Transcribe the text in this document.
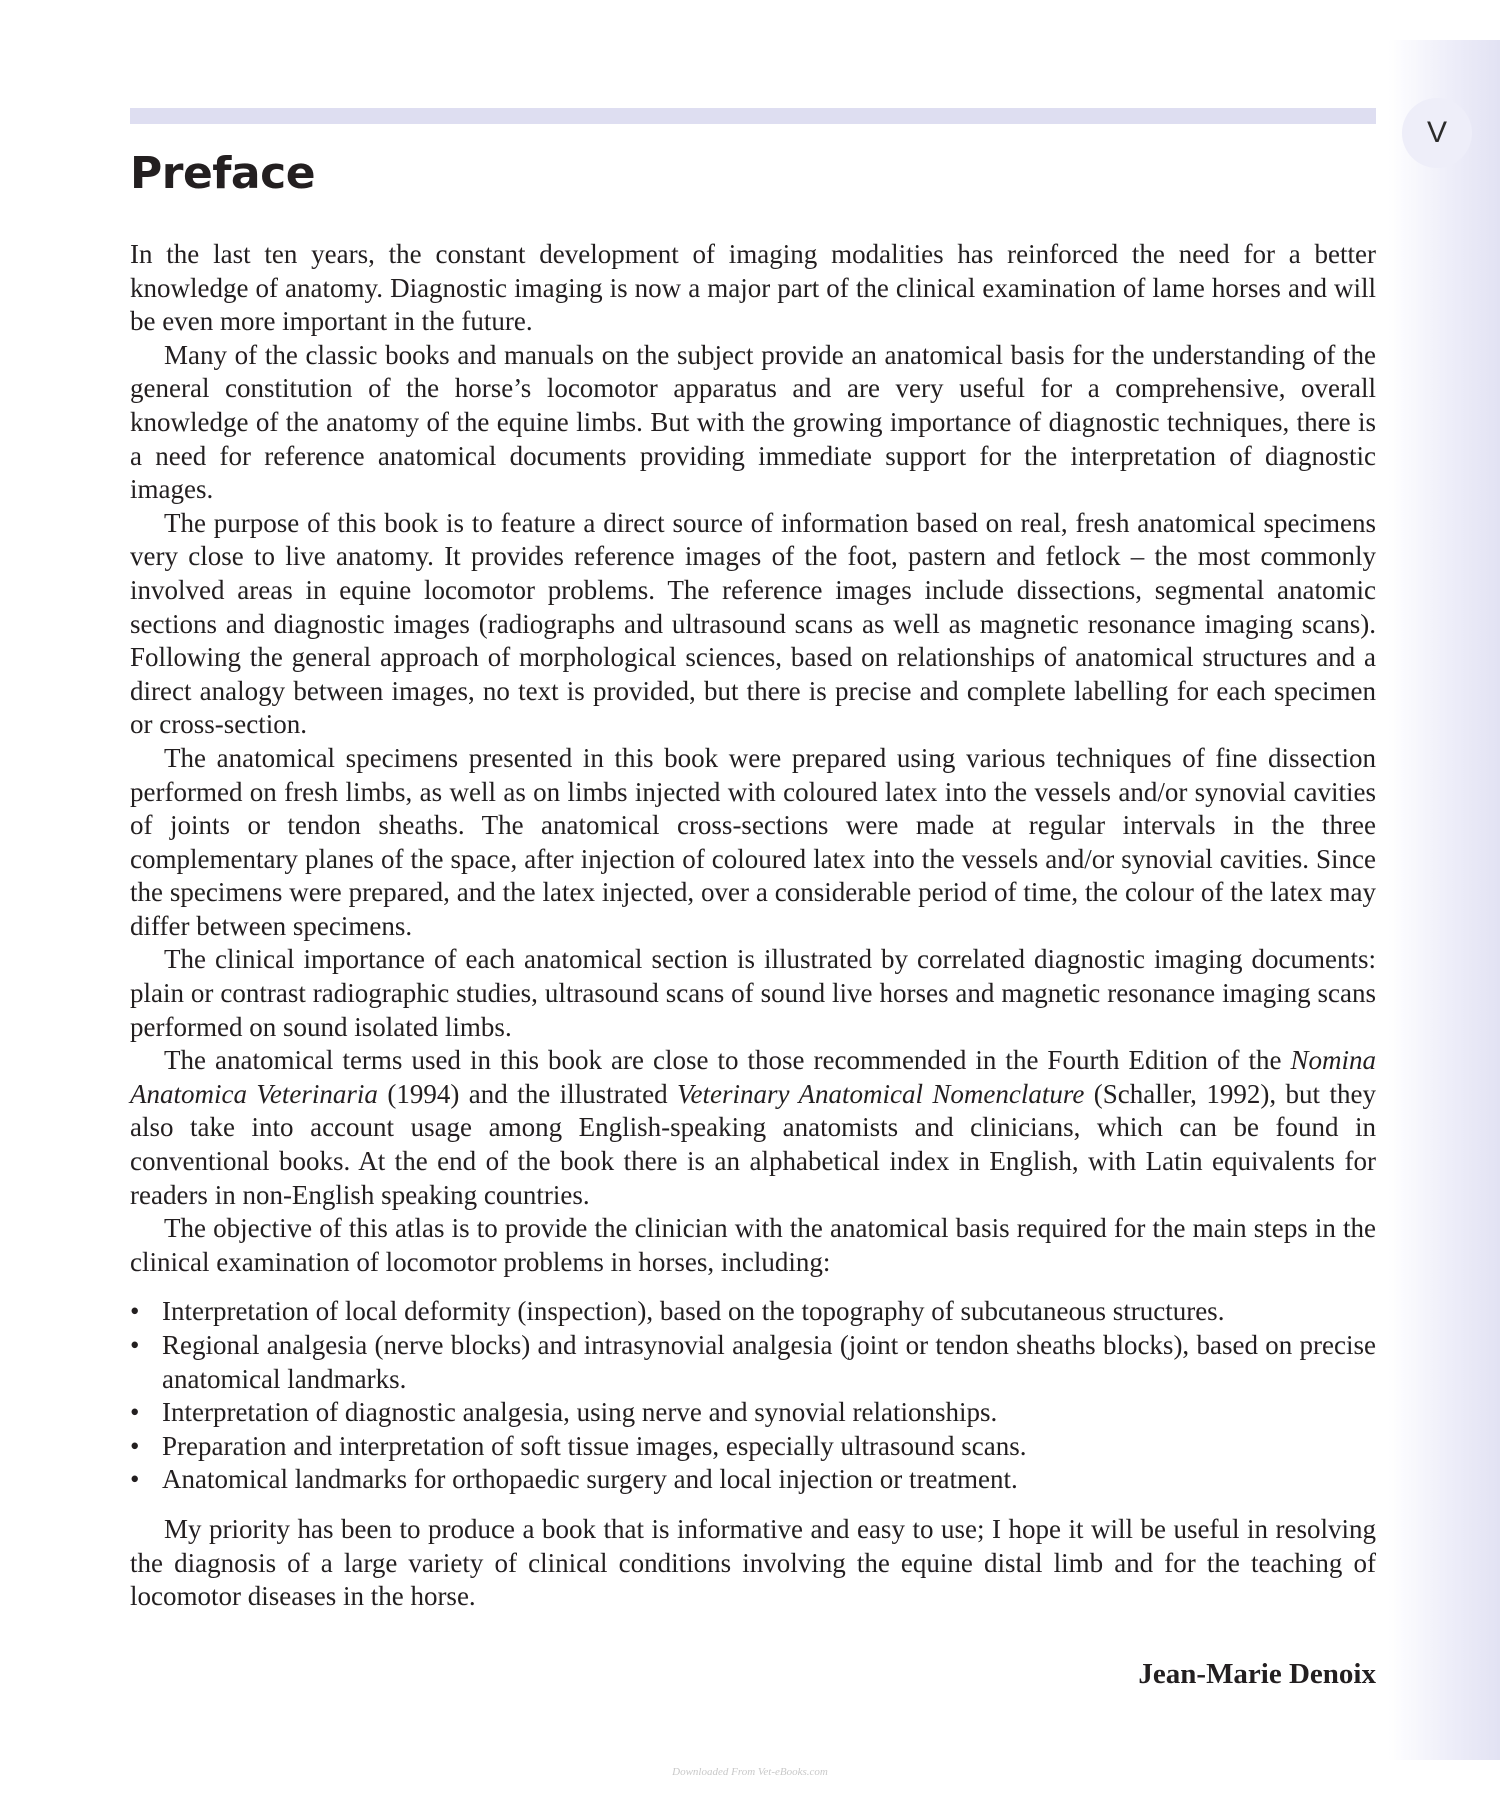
V
Preface

In the last ten years, the constant development of imaging modalities has reinforced the need for a better knowledge of anatomy. Diagnostic imaging is now a major part of the clinical examination of lame horses and will be even more important in the future.

Many of the classic books and manuals on the subject provide an anatomical basis for the understanding of the general constitution of the horse’s locomotor apparatus and are very useful for a comprehensive, overall knowledge of the anatomy of the equine limbs. But with the growing importance of diagnostic techniques, there is a need for reference anatomical documents providing immediate support for the interpretation of diagnostic images.

The purpose of this book is to feature a direct source of information based on real, fresh anatomical specimens very close to live anatomy. It provides reference images of the foot, pastern and fetlock – the most commonly involved areas in equine locomotor problems. The reference images include dissections, segmental anatomic sections and diagnostic images (radiographs and ultrasound scans as well as magnetic resonance imaging scans). Following the general approach of morphological sciences, based on relationships of anatomical structures and a direct analogy between images, no text is provided, but there is precise and complete labelling for each specimen or cross-section.

The anatomical specimens presented in this book were prepared using various techniques of fine dissection performed on fresh limbs, as well as on limbs injected with coloured latex into the vessels and/or synovial cavities of joints or tendon sheaths. The anatomical cross-sections were made at regular intervals in the three complementary planes of the space, after injection of coloured latex into the vessels and/or synovial cavities. Since the specimens were prepared, and the latex injected, over a considerable period of time, the colour of the latex may differ between specimens.

The clinical importance of each anatomical section is illustrated by correlated diagnostic imaging documents: plain or contrast radiographic studies, ultrasound scans of sound live horses and magnetic resonance imaging scans performed on sound isolated limbs.

The anatomical terms used in this book are close to those recommended in the Fourth Edition of the Nomina Anatomica Veterinaria (1994) and the illustrated Veterinary Anatomical Nomenclature (Schaller, 1992), but they also take into account usage among English-speaking anatomists and clinicians, which can be found in conventional books. At the end of the book there is an alphabetical index in English, with Latin equivalents for readers in non-English speaking countries.

The objective of this atlas is to provide the clinician with the anatomical basis required for the main steps in the clinical examination of locomotor problems in horses, including:

• Interpretation of local deformity (inspection), based on the topography of subcutaneous structures.
• Regional analgesia (nerve blocks) and intrasynovial analgesia (joint or tendon sheaths blocks), based on precise anatomical landmarks.
• Interpretation of diagnostic analgesia, using nerve and synovial relationships.
• Preparation and interpretation of soft tissue images, especially ultrasound scans.
• Anatomical landmarks for orthopaedic surgery and local injection or treatment.

My priority has been to produce a book that is informative and easy to use; I hope it will be useful in resolving the diagnosis of a large variety of clinical conditions involving the equine distal limb and for the teaching of locomotor diseases in the horse.

Jean-Marie Denoix

Downloaded From Vet-eBooks.com
